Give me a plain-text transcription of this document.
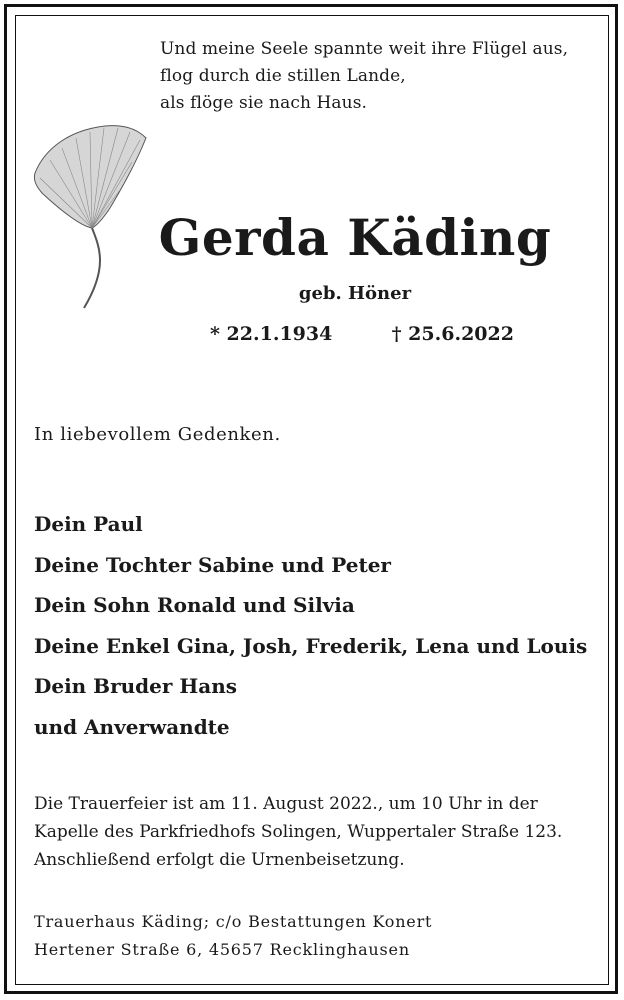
Und meine Seele spannte weit ihre Flügel aus,
flog durch die stillen Lande,
als flöge sie nach Haus.
Gerda Käding
geb. Höner
* 22.1.1934	† 25.6.2022
In liebevollem Gedenken.
Dein Paul
Deine Tochter Sabine und Peter
Dein Sohn Ronald und Silvia
Deine Enkel Gina, Josh, Frederik, Lena und Louis
Dein Bruder Hans
und Anverwandte
Die Trauerfeier ist am 11. August 2022., um 10 Uhr in der
Kapelle des Parkfriedhofs Solingen, Wuppertaler Straße 123.
Anschließend erfolgt die Urnenbeisetzung.
Trauerhaus Käding; c/o Bestattungen Konert
Hertener Straße 6, 45657 Recklinghausen
